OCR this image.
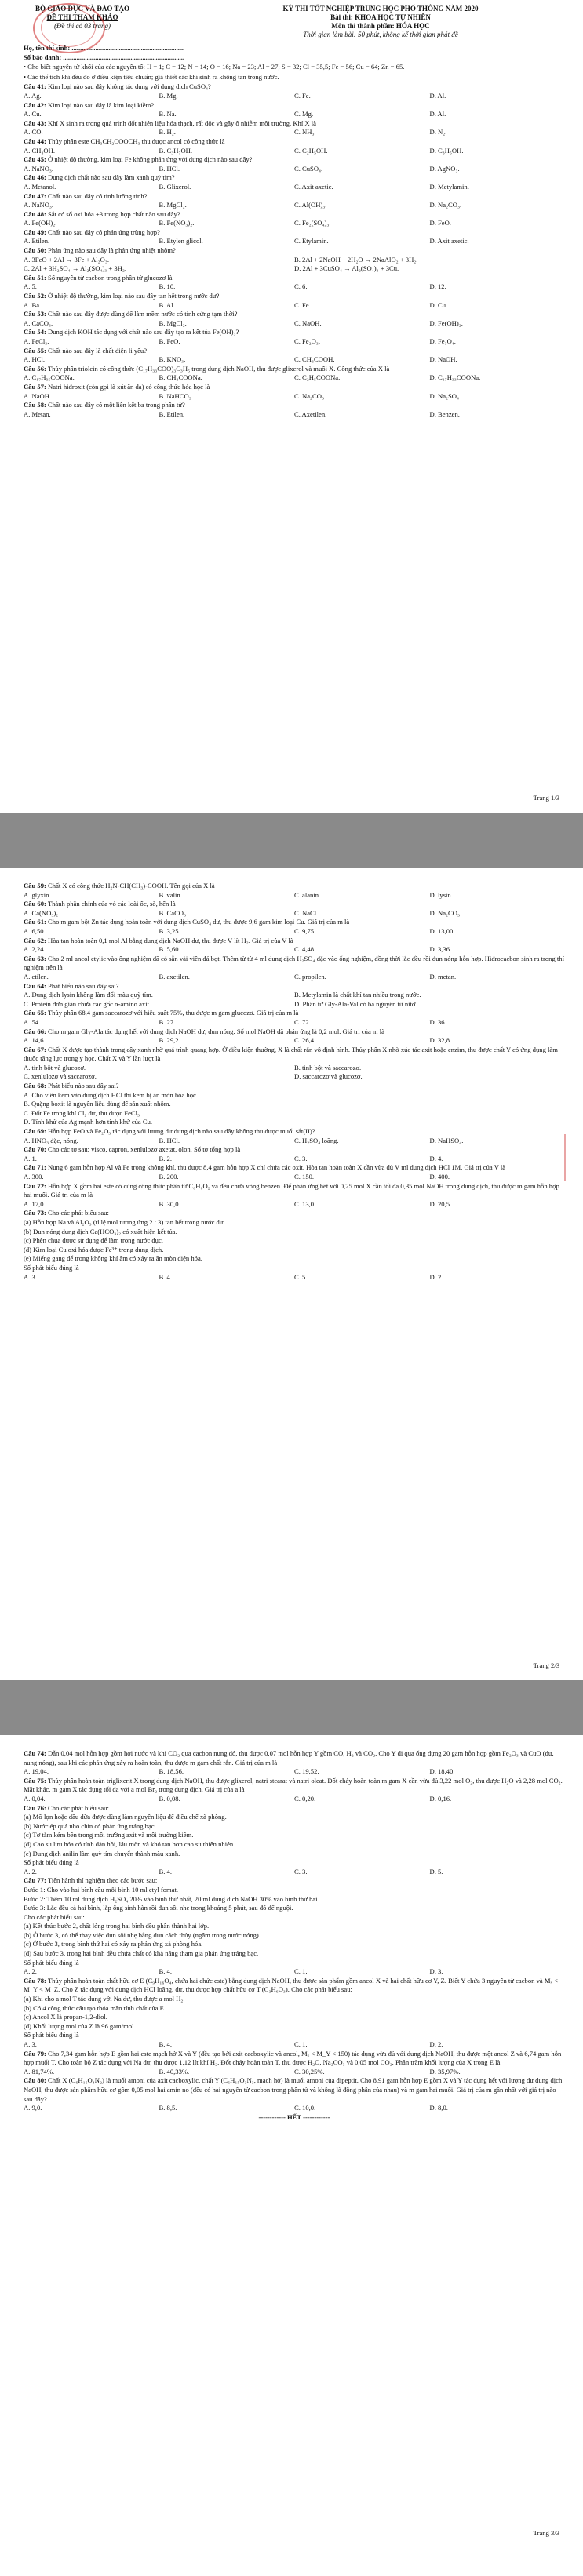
BỘ GIÁO DỤC VÀ ĐÀO TẠO
ĐỀ THI THAM KHẢO
(Đề thi có 03 trang)
KỲ THI TỐT NGHIỆP TRUNG HỌC PHỔ THÔNG NĂM 2020
Bài thi: KHOA HỌC TỰ NHIÊN
Môn thi thành phần: HÓA HỌC
Thời gian làm bài: 50 phút, không kể thời gian phát đề
Họ, tên thí sinh: ...................................................................
Số báo danh: ........................................................................
• Cho biết nguyên tử khối của các nguyên tố: H = 1; C = 12; N = 14; O = 16; Na = 23; Al = 27; S = 32; Cl = 35,5; Fe = 56; Cu = 64; Zn = 65.
• Các thể tích khí đều đo ở điều kiện tiêu chuẩn; giả thiết các khí sinh ra không tan trong nước.
Câu 41: Kim loại nào sau đây không tác dụng với dung dịch CuSO₄?
A. Ag.	B. Mg.	C. Fe.	D. Al.
Câu 42: Kim loại nào sau đây là kim loại kiềm?
A. Cu.	B. Na.	C. Mg.	D. Al.
Câu 43: Khí X sinh ra trong quá trình đốt nhiên liệu hóa thạch, rất độc và gây ô nhiễm môi trường. Khí X là
A. CO.	B. H₂.	C. NH₃.	D. N₂.
Câu 44: Thủy phân este CH₃CH₂COOCH₃ thu được ancol có công thức là
A. CH₃OH.	B. C₃H₇OH.	C. C₂H₅OH.	D. C₃H₅OH.
Câu 45: Ở nhiệt độ thường, kim loại Fe không phản ứng với dung dịch nào sau đây?
A. NaNO₃.	B. HCl.	C. CuSO₄.	D. AgNO₃.
Câu 46: Dung dịch chất nào sau đây làm xanh quỳ tím?
A. Metanol.	B. Glixerol.	C. Axit axetic.	D. Metylamin.
Câu 47: Chất nào sau đây có tính lưỡng tính?
A. NaNO₃.	B. MgCl₂.	C. Al(OH)₃.	D. Na₂CO₃.
Câu 48: Sắt có số oxi hóa +3 trong hợp chất nào sau đây?
A. Fe(OH)₂.	B. Fe(NO₃)₂.	C. Fe₂(SO₄)₃.	D. FeO.
Câu 49: Chất nào sau đây có phản ứng trùng hợp?
A. Etilen.	B. Etylen glicol.	C. Etylamin.	D. Axit axetic.
Câu 50: Phản ứng nào sau đây là phản ứng nhiệt nhôm?
A. 3FeO + 2Al → 3Fe + Al₂O₃.	B. 2Al + 2NaOH + 2H₂O → 2NaAlO₂ + 3H₂.
C. 2Al + 3H₂SO₄ → Al₂(SO₄)₃ + 3H₂.	D. 2Al + 3CuSO₄ → Al₂(SO₄)₃ + 3Cu.
Câu 51: Số nguyên tử cacbon trong phân tử glucozơ là
A. 5.	B. 10.	C. 6.	D. 12.
Câu 52: Ở nhiệt độ thường, kim loại nào sau đây tan hết trong nước dư?
A. Ba.	B. Al.	C. Fe.	D. Cu.
Câu 53: Chất nào sau đây được dùng để làm mềm nước có tính cứng tạm thời?
A. CaCO₃.	B. MgCl₂.	C. NaOH.	D. Fe(OH)₂.
Câu 54: Dung dịch KOH tác dụng với chất nào sau đây tạo ra kết tủa Fe(OH)₃?
A. FeCl₃.	B. FeO.	C. Fe₂O₃.	D. Fe₃O₄.
Câu 55: Chất nào sau đây là chất điện li yếu?
A. HCl.	B. KNO₃.	C. CH₃COOH.	D. NaOH.
Câu 56: Thủy phân triolein có công thức (C₁₇H₃₃COO)₃C₃H₅ trong dung dịch NaOH, thu được glixerol và muối X. Công thức của X là
A. C₁₇H₃₅COONa.	B. CH₃COONa.	C. C₂H₅COONa.	D. C₁₇H₃₃COONa.
Câu 57: Natri hiđroxit (còn gọi là xút ăn da) có công thức hóa học là
A. NaOH.	B. NaHCO₃.	C. Na₂CO₃.	D. Na₂SO₄.
Câu 58: Chất nào sau đây có một liên kết ba trong phân tử?
A. Metan.	B. Etilen.	C. Axetilen.	D. Benzen.
Trang 1/3
Câu 59: Chất X có công thức H₂N-CH(CH₃)-COOH. Tên gọi của X là
A. glyxin.	B. valin.	C. alanin.	D. lysin.
Câu 60: Thành phần chính của vỏ các loài ốc, sò, hến là
A. Ca(NO₃)₂.	B. CaCO₃.	C. NaCl.	D. Na₂CO₃.
Câu 61: Cho m gam bột Zn tác dụng hoàn toàn với dung dịch CuSO₄ dư, thu được 9,6 gam kim loại Cu. Giá trị của m là
A. 6,50.	B. 3,25.	C. 9,75.	D. 13,00.
Câu 62: Hòa tan hoàn toàn 0,1 mol Al bằng dung dịch NaOH dư, thu được V lít H₂. Giá trị của V là
A. 2,24.	B. 5,60.	C. 4,48.	D. 3,36.
Câu 63: Cho 2 ml ancol etylic vào ống nghiệm đã có sẵn vài viên đá bọt. Thêm từ từ 4 ml dung dịch H₂SO₄ đặc vào ống nghiệm, đồng thời lắc đều rồi đun nóng hỗn hợp. Hiđrocacbon sinh ra trong thí nghiệm trên là
A. etilen.	B. axetilen.	C. propilen.	D. metan.
Câu 64: Phát biểu nào sau đây sai?
A. Dung dịch lysin không làm đổi màu quỳ tím.	B. Metylamin là chất khí tan nhiều trong nước.
C. Protein đơn giản chứa các gốc α-amino axit.	D. Phân tử Gly-Ala-Val có ba nguyên tử nitơ.
Câu 65: Thủy phân 68,4 gam saccarozơ với hiệu suất 75%, thu được m gam glucozơ. Giá trị của m là
A. 54.	B. 27.	C. 72.	D. 36.
Câu 66: Cho m gam Gly-Ala tác dụng hết với dung dịch NaOH dư, đun nóng. Số mol NaOH đã phản ứng là 0,2 mol. Giá trị của m là
A. 14,6.	B. 29,2.	C. 26,4.	D. 32,8.
Câu 67: Chất X được tạo thành trong cây xanh nhờ quá trình quang hợp. Ở điều kiện thường, X là chất rắn vô định hình. Thủy phân X nhờ xúc tác axit hoặc enzim, thu được chất Y có ứng dụng làm thuốc tăng lực trong y học. Chất X và Y lần lượt là
A. tinh bột và glucozơ.	B. tinh bột và saccarozơ.
C. xenlulozơ và saccarozơ.	D. saccarozơ và glucozơ.
Câu 68: Phát biểu nào sau đây sai?
A. Cho viên kẽm vào dung dịch HCl thì kẽm bị ăn mòn hóa học.
B. Quặng boxit là nguyên liệu dùng để sản xuất nhôm.
C. Đốt Fe trong khí Cl₂ dư, thu được FeCl₃.
D. Tính khử của Ag mạnh hơn tính khử của Cu.
Câu 69: Hỗn hợp FeO và Fe₂O₃ tác dụng với lượng dư dung dịch nào sau đây không thu được muối sắt(II)?
A. HNO₃ đặc, nóng.	B. HCl.	C. H₂SO₄ loãng.	D. NaHSO₄.
Câu 70: Cho các tơ sau: visco, capron, xenlulozơ axetat, olon. Số tơ tổng hợp là
A. 1.	B. 2.	C. 3.	D. 4.
Câu 71: Nung 6 gam hỗn hợp Al và Fe trong không khí, thu được 8,4 gam hỗn hợp X chỉ chứa các oxit. Hòa tan hoàn toàn X cần vừa đủ V ml dung dịch HCl 1M. Giá trị của V là
A. 300.	B. 200.	C. 150.	D. 400.
Câu 72: Hỗn hợp X gồm hai este có cùng công thức phân tử C₈H₈O₂ và đều chứa vòng benzen. Để phản ứng hết với 0,25 mol X cần tối đa 0,35 mol NaOH trong dung dịch, thu được m gam hỗn hợp hai muối. Giá trị của m là
A. 17,0.	B. 30,0.	C. 13,0.	D. 20,5.
Câu 73: Cho các phát biểu sau:
(a) Hỗn hợp Na và Al₂O₃ (tỉ lệ mol tương ứng 2 : 3) tan hết trong nước dư.
(b) Đun nóng dung dịch Ca(HCO₃)₂ có xuất hiện kết tủa.
(c) Phèn chua được sử dụng để làm trong nước đục.
(d) Kim loại Cu oxi hóa được Fe³⁺ trong dung dịch.
(e) Miếng gang để trong không khí ẩm có xảy ra ăn mòn điện hóa.
Số phát biểu đúng là
A. 3.	B. 4.	C. 5.	D. 2.
Trang 2/3
Câu 74: Dẫn 0,04 mol hỗn hợp gồm hơi nước và khí CO₂ qua cacbon nung đỏ, thu được 0,07 mol hỗn hợp Y gồm CO, H₂ và CO₂. Cho Y đi qua ống đựng 20 gam hỗn hợp gồm Fe₂O₃ và CuO (dư, nung nóng), sau khi các phản ứng xảy ra hoàn toàn, thu được m gam chất rắn. Giá trị của m là
A. 19,04.	B. 18,56.	C. 19,52.	D. 18,40.
Câu 75: Thủy phân hoàn toàn triglixerit X trong dung dịch NaOH, thu được glixerol, natri stearat và natri oleat. Đốt cháy hoàn toàn m gam X cần vừa đủ 3,22 mol O₂, thu được H₂O và 2,28 mol CO₂. Mặt khác, m gam X tác dụng tối đa với a mol Br₂ trong dung dịch. Giá trị của a là
A. 0,04.	B. 0,08.	C. 0,20.	D. 0,16.
Câu 76: Cho các phát biểu sau:
(a) Mỡ lợn hoặc dầu dừa được dùng làm nguyên liệu để điều chế xà phòng.
(b) Nước ép quả nho chín có phản ứng tráng bạc.
(c) Tơ tằm kém bền trong môi trường axit và môi trường kiềm.
(d) Cao su lưu hóa có tính đàn hồi, lâu mòn và khó tan hơn cao su thiên nhiên.
(e) Dung dịch anilin làm quỳ tím chuyển thành màu xanh.
Số phát biểu đúng là
A. 2.	B. 4.	C. 3.	D. 5.
Câu 77: Tiến hành thí nghiệm theo các bước sau:
Bước 1: Cho vào hai bình cầu mỗi bình 10 ml etyl fomat.
Bước 2: Thêm 10 ml dung dịch H₂SO₄ 20% vào bình thứ nhất, 20 ml dung dịch NaOH 30% vào bình thứ hai.
Bước 3: Lắc đều cả hai bình, lắp ống sinh hàn rồi đun sôi nhẹ trong khoảng 5 phút, sau đó để nguội.
Cho các phát biểu sau:
(a) Kết thúc bước 2, chất lỏng trong hai bình đều phân thành hai lớp.
(b) Ở bước 3, có thể thay việc đun sôi nhẹ bằng đun cách thủy (ngâm trong nước nóng).
(c) Ở bước 3, trong bình thứ hai có xảy ra phản ứng xà phòng hóa.
(d) Sau bước 3, trong hai bình đều chứa chất có khả năng tham gia phản ứng tráng bạc.
Số phát biểu đúng là
A. 2.	B. 4.	C. 1.	D. 3.
Câu 78: Thủy phân hoàn toàn chất hữu cơ E (C₉H₁₆O₄, chứa hai chức este) bằng dung dịch NaOH, thu được sản phẩm gồm ancol X và hai chất hữu cơ Y, Z. Biết Y chứa 3 nguyên tử cacbon và Mₓ < M_Y < M_Z. Cho Z tác dụng với dung dịch HCl loãng, dư, thu được hợp chất hữu cơ T (C₃H₆O₃). Cho các phát biểu sau:
(a) Khi cho a mol T tác dụng với Na dư, thu được a mol H₂.
(b) Có 4 công thức cấu tạo thỏa mãn tính chất của E.
(c) Ancol X là propan-1,2-điol.
(d) Khối lượng mol của Z là 96 gam/mol.
Số phát biểu đúng là
A. 3.	B. 4.	C. 1.	D. 2.
Câu 79: Cho 7,34 gam hỗn hợp E gồm hai este mạch hở X và Y (đều tạo bởi axit cacboxylic và ancol, Mₓ < M_Y < 150) tác dụng vừa đủ với dung dịch NaOH, thu được một ancol Z và 6,74 gam hỗn hợp muối T. Cho toàn bộ Z tác dụng với Na dư, thu được 1,12 lít khí H₂. Đốt cháy hoàn toàn T, thu được H₂O, Na₂CO₃ và 0,05 mol CO₂. Phần trăm khối lượng của X trong E là
A. 81,74%.	B. 40,33%.	C. 30,25%.	D. 35,97%.
Câu 80: Chất X (C₆H₁₆O₄N₂) là muối amoni của axit cacboxylic, chất Y (C₆H₁₅O₃N₃, mạch hở) là muối amoni của đipeptit. Cho 8,91 gam hỗn hợp E gồm X và Y tác dụng hết với lượng dư dung dịch NaOH, thu được sản phẩm hữu cơ gồm 0,05 mol hai amin no (đều có hai nguyên tử cacbon trong phân tử và không là đồng phân của nhau) và m gam hai muối. Giá trị của m gần nhất với giá trị nào sau đây?
A. 9,0.	B. 8,5.	C. 10,0.	D. 8,0.
------------ HẾT ------------
Trang 3/3
